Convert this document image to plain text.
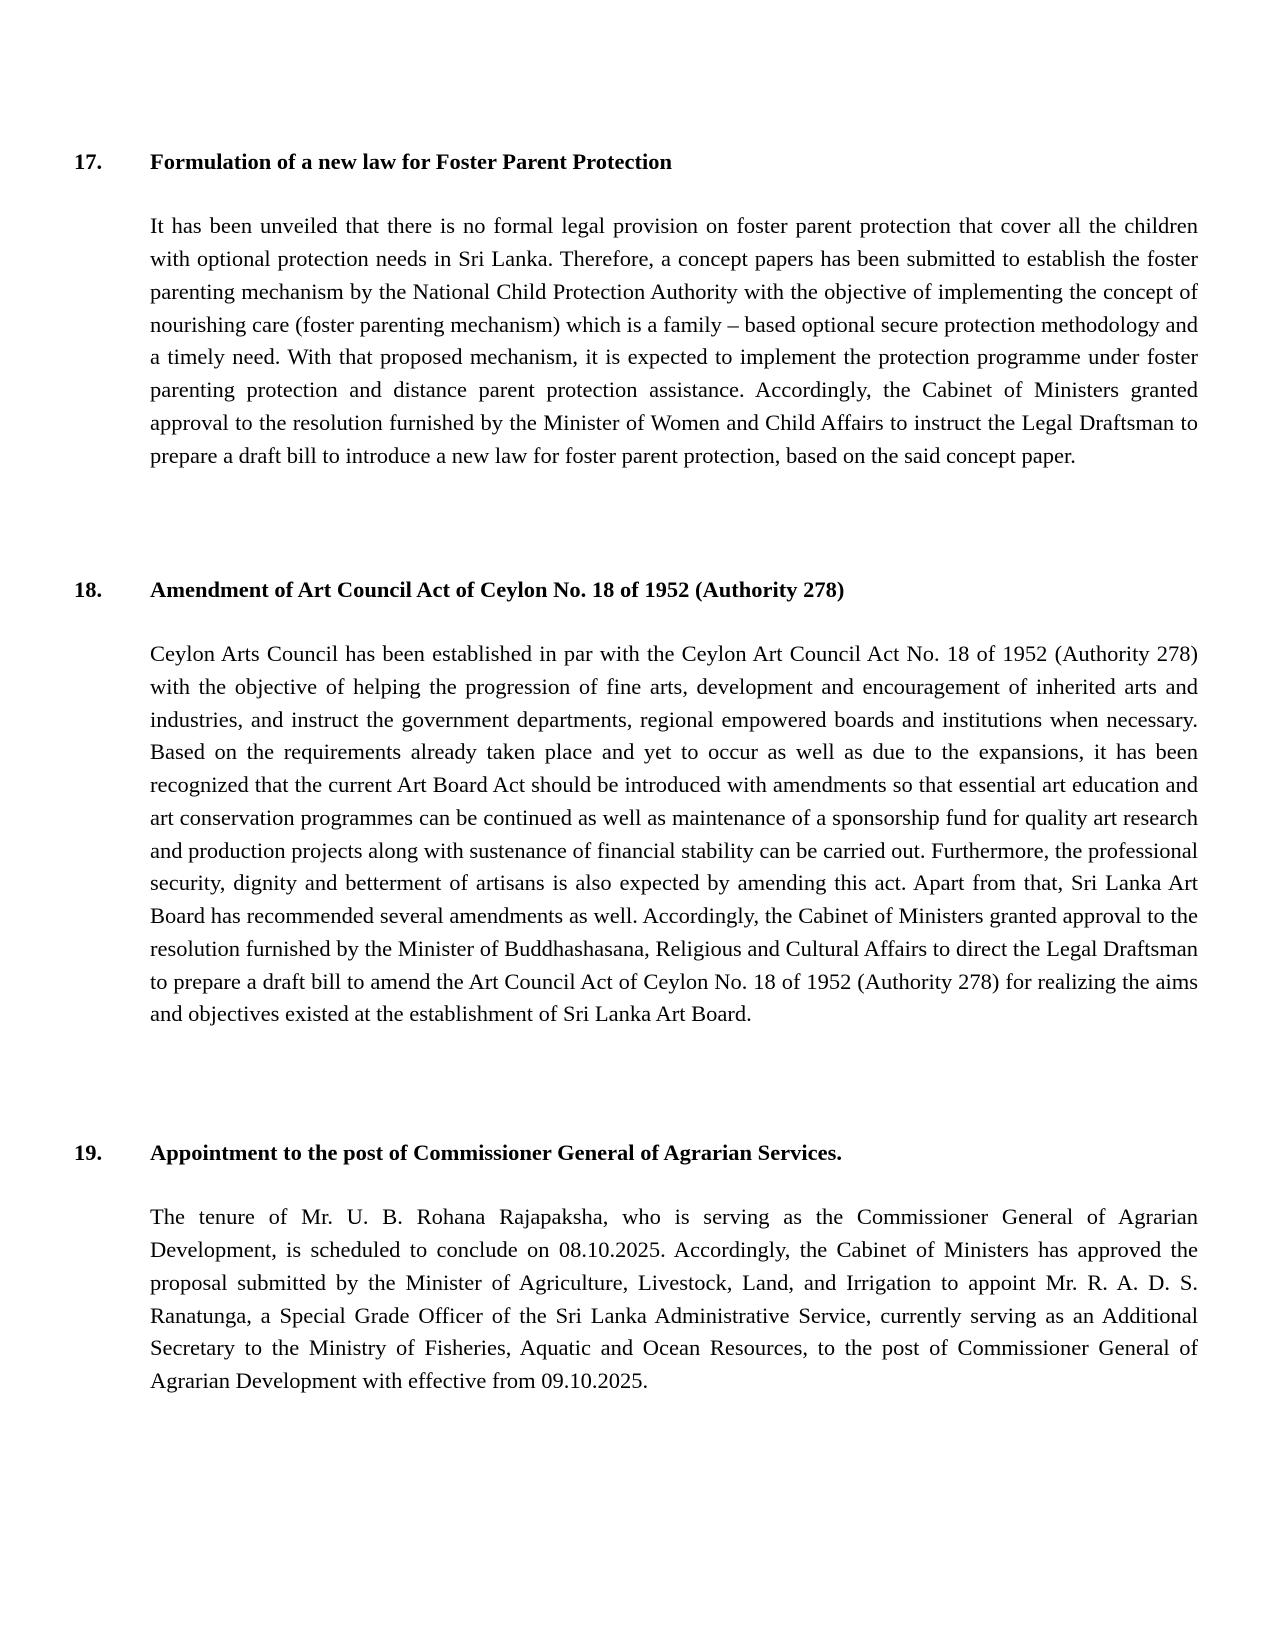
17.	Formulation of a new law for Foster Parent Protection

It has been unveiled that there is no formal legal provision on foster parent protection that cover all the children with optional protection needs in Sri Lanka. Therefore, a concept papers has been submitted to establish the foster parenting mechanism by the National Child Protection Authority with the objective of implementing the concept of nourishing care (foster parenting mechanism) which is a family – based optional secure protection methodology and a timely need. With that proposed mechanism, it is expected to implement the protection programme under foster parenting protection and distance parent protection assistance. Accordingly, the Cabinet of Ministers granted approval to the resolution furnished by the Minister of Women and Child Affairs to instruct the Legal Draftsman to prepare a draft bill to introduce a new law for foster parent protection, based on the said concept paper.

18.	Amendment of Art Council Act of Ceylon No. 18 of 1952 (Authority 278)

Ceylon Arts Council has been established in par with the Ceylon Art Council Act No. 18 of 1952 (Authority 278) with the objective of helping the progression of fine arts, development and encouragement of inherited arts and industries, and instruct the government departments, regional empowered boards and institutions when necessary. Based on the requirements already taken place and yet to occur as well as due to the expansions, it has been recognized that the current Art Board Act should be introduced with amendments so that essential art education and art conservation programmes can be continued as well as maintenance of a sponsorship fund for quality art research and production projects along with sustenance of financial stability can be carried out. Furthermore, the professional security, dignity and betterment of artisans is also expected by amending this act. Apart from that, Sri Lanka Art Board has recommended several amendments as well. Accordingly, the Cabinet of Ministers granted approval to the resolution furnished by the Minister of Buddhashasana, Religious and Cultural Affairs to direct the Legal Draftsman to prepare a draft bill to amend the Art Council Act of Ceylon No. 18 of 1952 (Authority 278) for realizing the aims and objectives existed at the establishment of Sri Lanka Art Board.

19.	Appointment to the post of Commissioner General of Agrarian Services.

The tenure of Mr. U. B. Rohana Rajapaksha, who is serving as the Commissioner General of Agrarian Development, is scheduled to conclude on 08.10.2025. Accordingly, the Cabinet of Ministers has approved the proposal submitted by the Minister of Agriculture, Livestock, Land, and Irrigation to appoint Mr. R. A. D. S. Ranatunga, a Special Grade Officer of the Sri Lanka Administrative Service, currently serving as an Additional Secretary to the Ministry of Fisheries, Aquatic and Ocean Resources, to the post of Commissioner General of Agrarian Development with effective from 09.10.2025.
